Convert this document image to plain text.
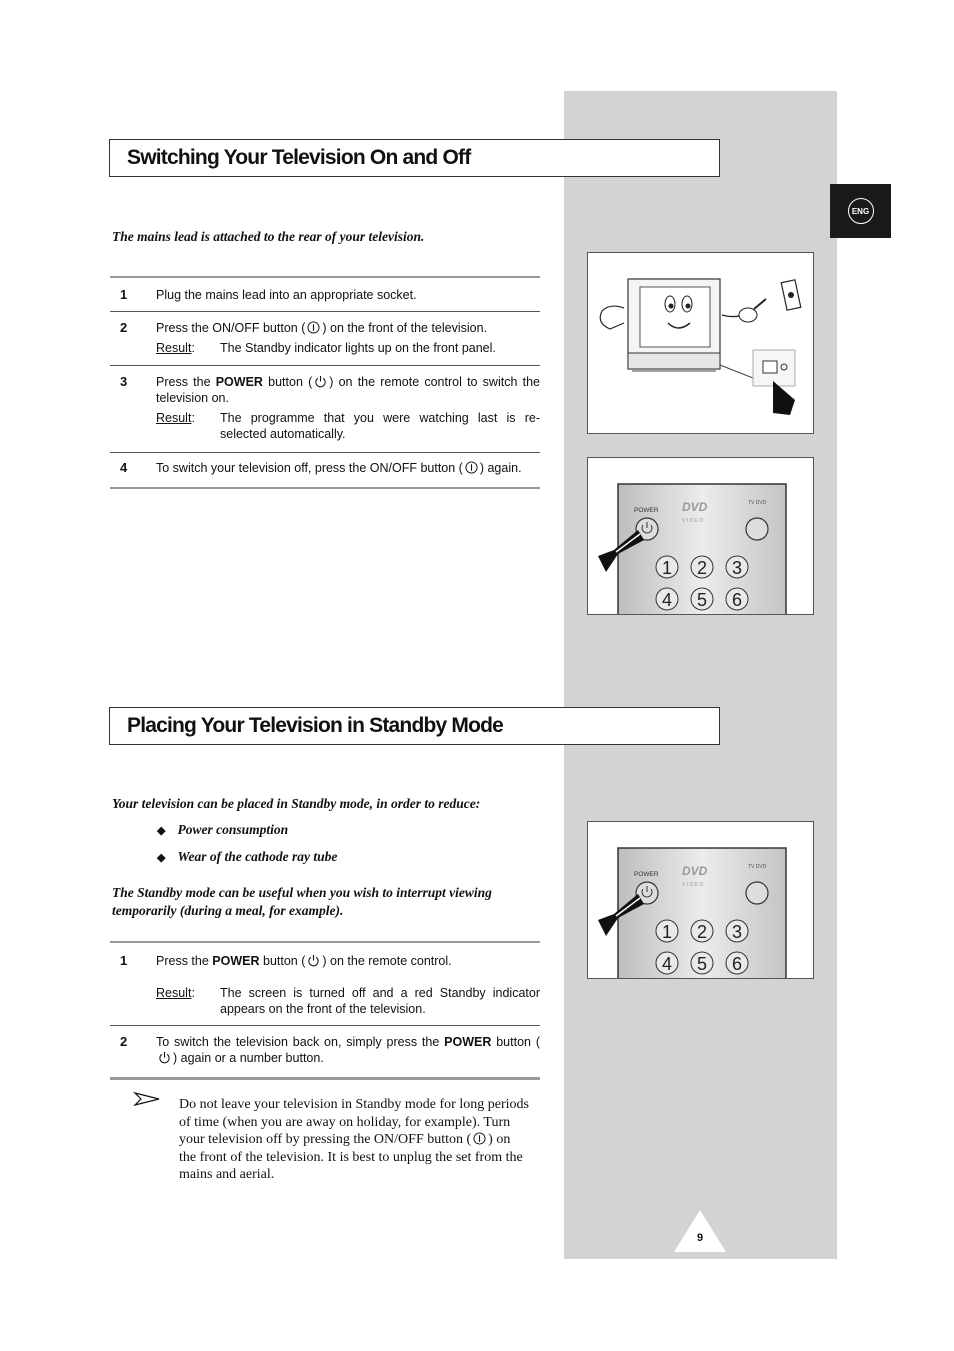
ENG
Switching Your Television On and Off
The mains lead is attached to the rear of your television.
1 Plug the mains lead into an appropriate socket.
2 Press the ON/OFF button ( ) on the front of the television.
Result :	The Standby indicator lights up on the front panel.
3 Press the POWER button ( ) on the remote control to switch the television on.
Result :	The programme that you were watching last is re-selected automatically.
4 To switch your television off, press the ON/OFF button ( ) again.
POWER DVD
V I D E O
TV DVD
1 2 3
4 5 6
Placing Your Television in Standby Mode
Your television can be placed in Standby mode, in order to reduce:
◆ Power consumption
◆ Wear of the cathode ray tube
The Standby mode can be useful when you wish to interrupt viewing temporarily (during a meal, for example).
1 Press the POWER button ( ) on the remote control.
Result :	The screen is turned off and a red Standby indicator appears on the front of the television.
2 To switch the television back on, simply press the POWER button () again or a number button.
Do not leave your television in Standby mode for long periods of time (when you are away on holiday, for example). Turn your television off by pressing the ON/OFF button ( ) on the front of the television. It is best to unplug the set from the mains and aerial.
POWER DVD
V I D E O
TV DVD
1 2 3
4 5 6
9
